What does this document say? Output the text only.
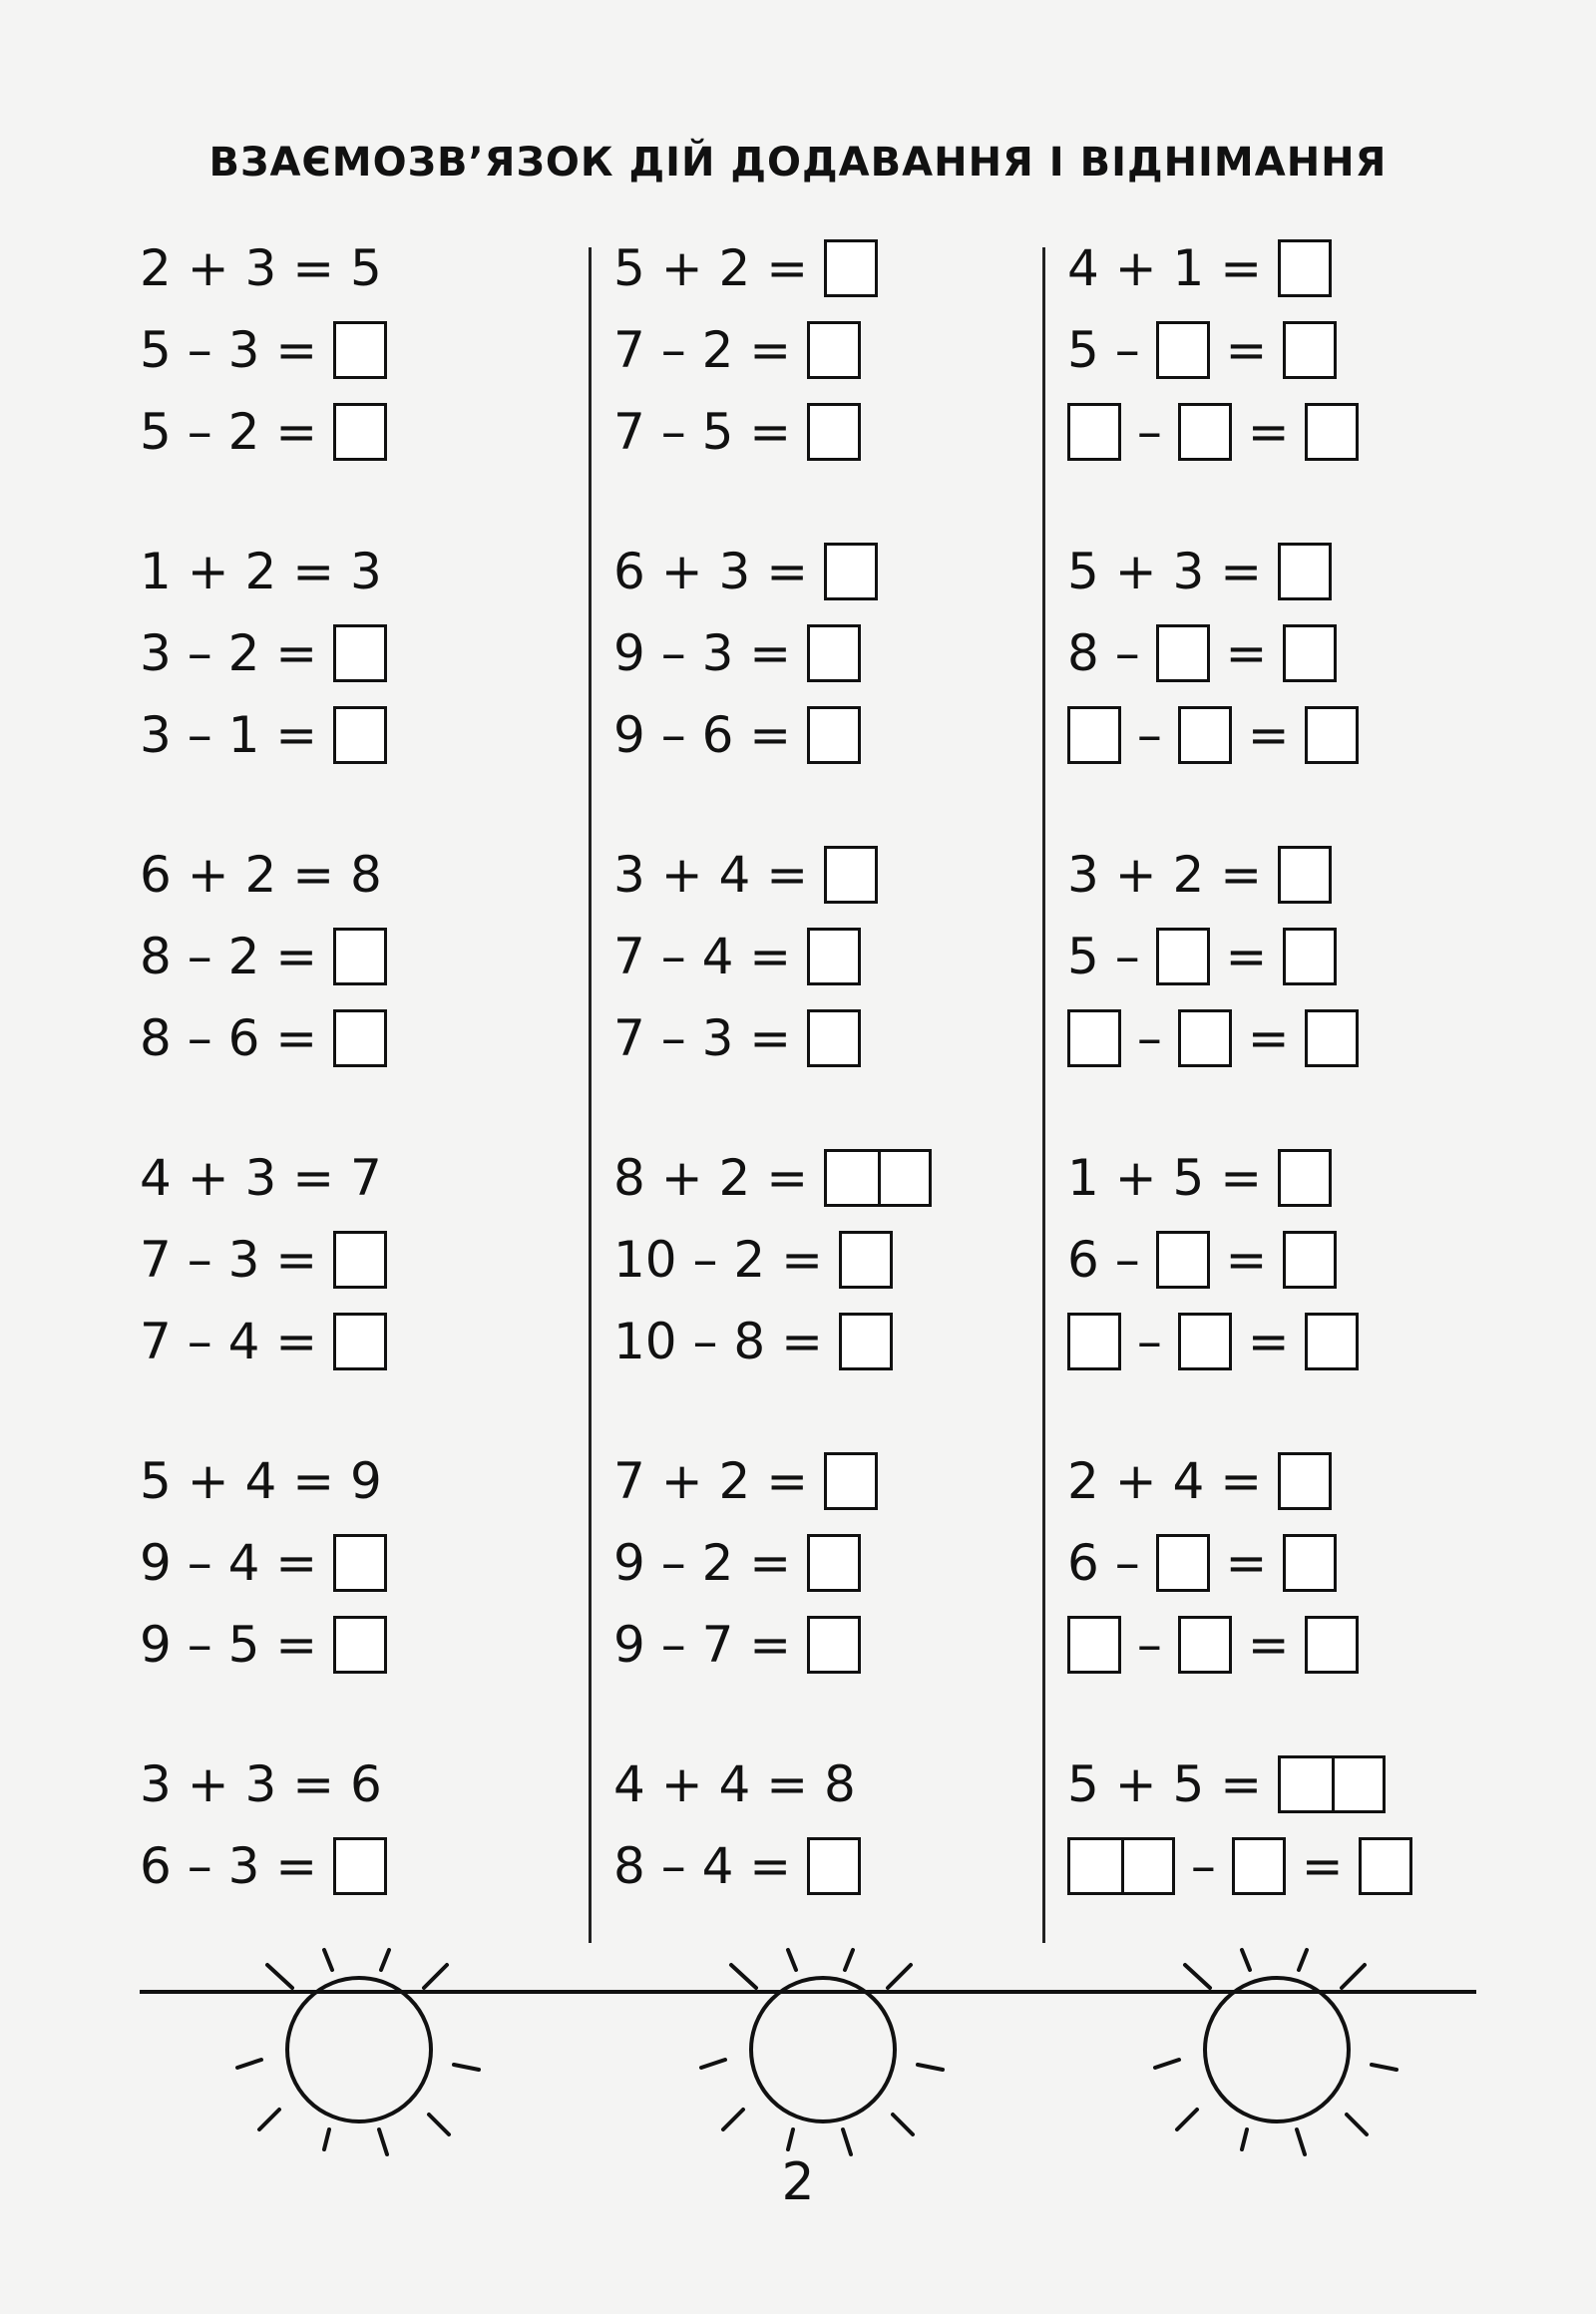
ВЗАЄМОЗВ’ЯЗОК ДІЙ ДОДАВАННЯ І ВІДНІМАННЯ
2 + 3 = 5
5 – 3 =
5 – 2 =
1 + 2 = 3
3 – 2 =
3 – 1 =
6 + 2 = 8
8 – 2 =
8 – 6 =
4 + 3 = 7
7 – 3 =
7 – 4 =
5 + 4 = 9
9 – 4 =
9 – 5 =
3 + 3 = 6
6 – 3 =
5 + 2 =
7 – 2 =
7 – 5 =
6 + 3 =
9 – 3 =
9 – 6 =
3 + 4 =
7 – 4 =
7 – 3 =
8 + 2 =
10 – 2 =
10 – 8 =
7 + 2 =
9 – 2 =
9 – 7 =
4 + 4 = 8
8 – 4 =
4 + 1 =
5 – =
– =
5 + 3 =
8 – =
– =
3 + 2 =
5 – =
– =
1 + 5 =
6 – =
– =
2 + 4 =
6 – =
– =
5 + 5 =
– =
2
